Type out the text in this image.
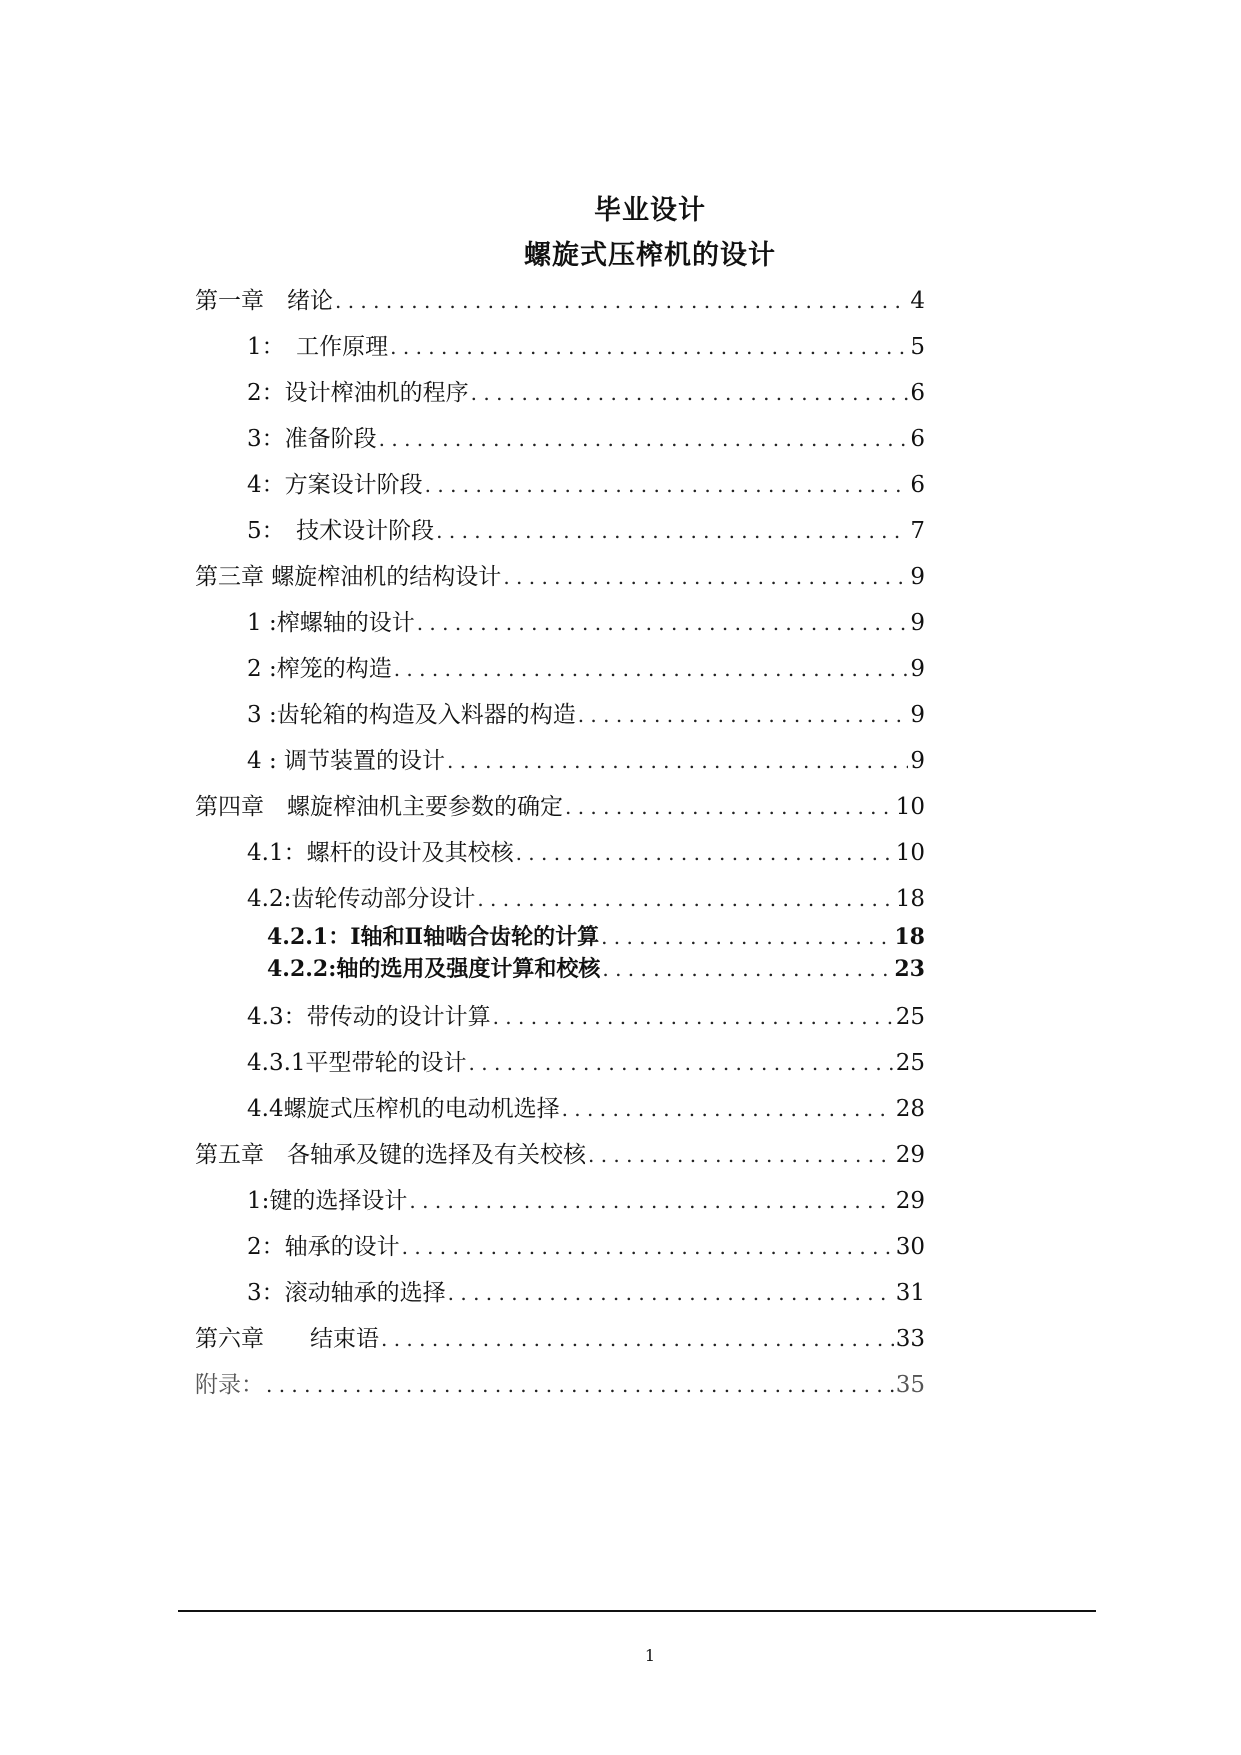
毕业设计
螺旋式压榨机的设计
第一章　绪论 . . .	4
1：　工作原理 . . .	5
2：设计榨油机的程序 . . .	6
3：准备阶段 . . .	6
4：方案设计阶段 . . .	6
5：　技术设计阶段 . . .	7
第三章 螺旋榨油机的结构设计 . . .	9
1 :榨螺轴的设计 . . .	9
2 :榨笼的构造 . . .	9
3 :齿轮箱的构造及入料器的构造 . . .	9
4 : 调节装置的设计 . . .	9
第四章　螺旋榨油机主要参数的确定 . . .	10
4.1：螺杆的设计及其校核 . . .	10
4.2:齿轮传动部分设计 . . .	18
4.2.1：Ⅰ轴和Ⅱ轴啮合齿轮的计算 . . .	18
4.2.2:轴的选用及强度计算和校核 . . .	23
4.3：带传动的设计计算 . . .	25
4.3.1平型带轮的设计 . . .	25
4.4螺旋式压榨机的电动机选择 . . .	28
第五章　各轴承及键的选择及有关校核 . . .	29
1:键的选择设计 . . .	29
2：轴承的设计 . . .	30
3：滚动轴承的选择 . . .	31
第六章　　结束语 . . .	33
附录： . . .	35
1
